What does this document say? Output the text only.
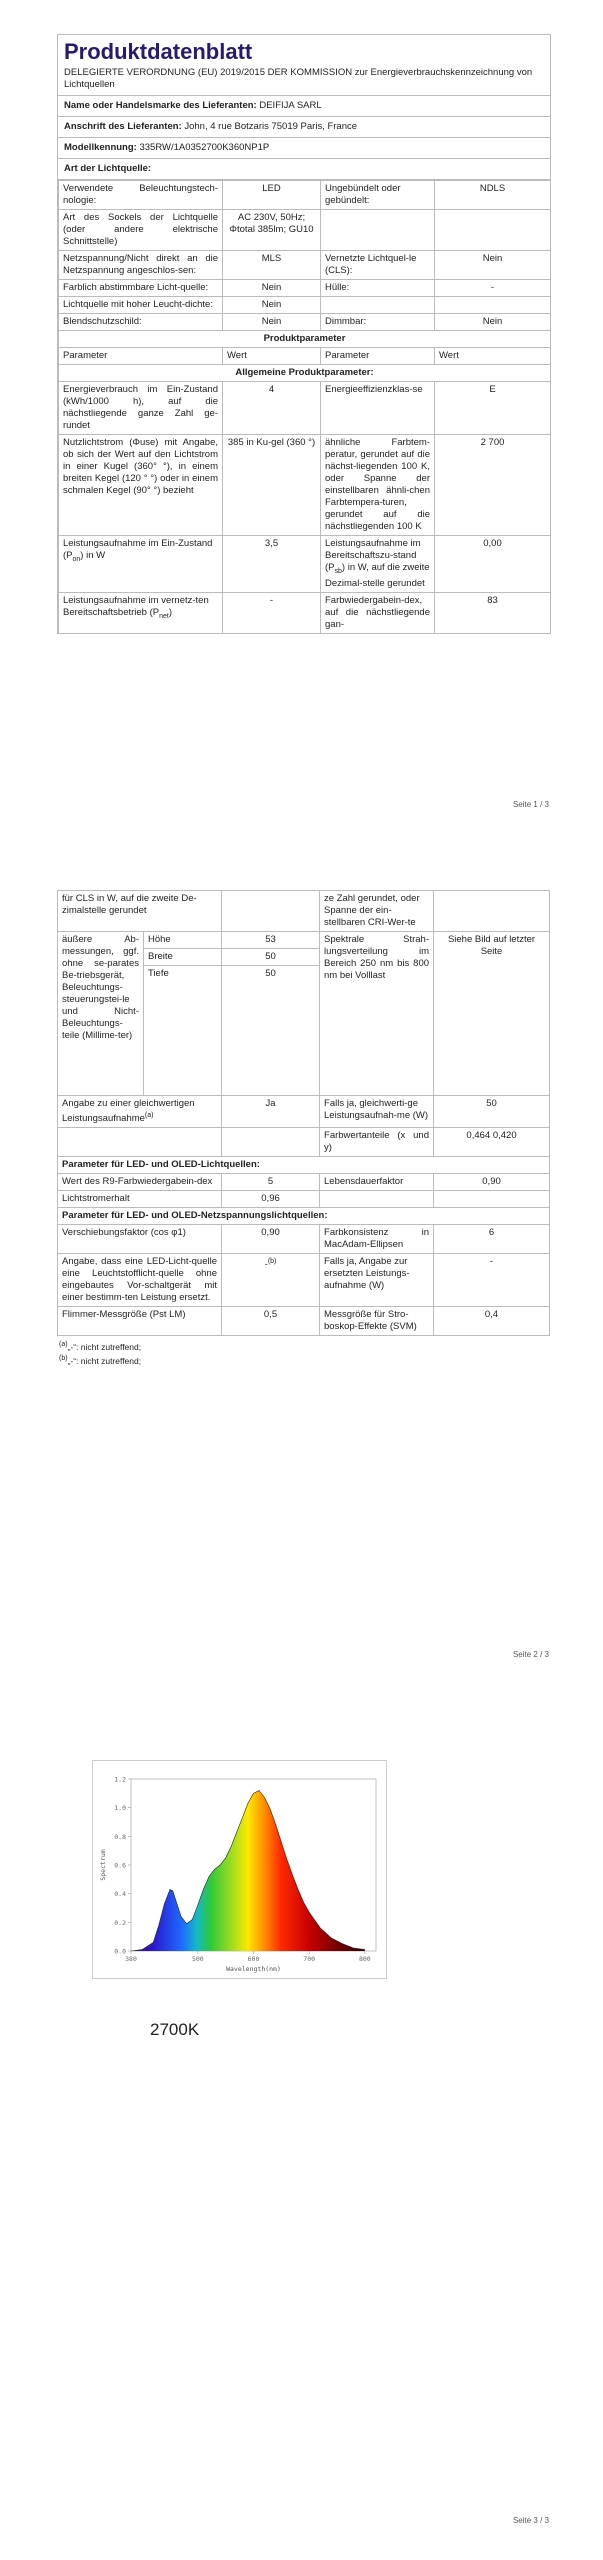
Produktdatenblatt
DELEGIERTE VERORDNUNG (EU) 2019/2015 DER KOMMISSION zur Energieverbrauchskennzeichnung von Lichtquellen
Name oder Handelsmarke des Lieferanten: DEIFIJA SARL
Anschrift des Lieferanten: John, 4 rue Botzaris 75019 Paris, France
Modellkennung: 335RW/1A0352700K360NP1P
Art der Lichtquelle:
Verwendete Beleuchtungstech-nologie:	LED	Ungebündelt oder gebündelt:	NDLS
Art des Sockels der Lichtquelle (oder andere elektrische Schnittstelle)	AC 230V, 50Hz; Φtotal 385lm; GU10		
Netzspannung/Nicht direkt an die Netzspannung angeschlos-sen:	MLS	Vernetzte Lichtquel-le (CLS):	Nein
Farblich abstimmbare Licht-quelle:	Nein	Hülle:	-
Lichtquelle mit hoher Leucht-dichte:	Nein		
Blendschutzschild:	Nein	Dimmbar:	Nein
Produktparameter			
Parameter	Wert	Parameter	Wert
Allgemeine Produktparameter:			
Energieverbrauch im Ein-Zustand (kWh/1000 h), auf die nächstliegende ganze Zahl ge-rundet	4	Energieeffizienzklas-se	E
Nutzlichtstrom (Φuse) mit Angabe, ob sich der Wert auf den Lichtstrom in einer Kugel (360° °), in einem breiten Kegel (120 ° °) oder in einem schmalen Kegel (90° °) bezieht	385 in Ku-gel (360 °)	ähnliche Farbtem-peratur, gerundet auf die nächst-liegenden 100 K, oder Spanne der einstellbaren ähnli-chen Farbtempera-turen, gerundet auf die nächstliegenden 100 K	2 700
Leistungsaufnahme im Ein-Zustand $(P_{on})$ in W	3,5	Leistungsaufnahme im Bereitschaftszu-stand $(P_{sb})$ in W, auf die zweite Dezimal-stelle gerundet	0,00
Leistungsaufnahme im vernetz-ten Bereitschaftsbetrieb $(P_{net})$	-	Farbwiedergabein-dex, auf die nächstliegende gan-	83
Seite 1 / 3
für CLS in W, auf die zweite De-zimalstelle gerundet			ze Zahl gerundet, oder Spanne der ein-stellbaren CRI-Wer-te	
äußere Ab-messungen, ggf. ohne se-parates Be-triebsgerät, Beleuchtungs-steuerungstei-le und Nicht-Beleuchtungs-teile (Millime-ter)	Höhe	53	Spektrale Strah-lungsverteilung im Bereich 250 nm bis 800 nm bei Volllast	Siehe Bild auf letzter Seite
	Breite	50		
	Tiefe	50		
Angabe zu einer gleichwertigen Leistungsaufnahme$^{(a)}$		Ja	Falls ja, gleichwerti-ge Leistungsaufnah-me (W)	50
			Farbwertanteile (x und y)	0,464 0,420
Parameter für LED- und OLED-Lichtquellen:				
Wert des R9-Farbwiedergabein-dex		5	Lebensdauerfaktor	0,90
Lichtstromerhalt		0,96		
Parameter für LED- und OLED-Netzspannungslichtquellen:				
Verschiebungsfaktor (cos φ1)		0,90	Farbkonsistenz in MacAdam-Ellipsen	6
Angabe, dass eine LED-Licht-quelle eine Leuchtstofflicht-quelle ohne eingebautes Vor-schaltgerät mit einer bestimm-ten Leistung ersetzt.		-$^{(b)}$	Falls ja, Angabe zur ersetzten Leistungs-aufnahme (W)	-
Flimmer-Messgröße (Pst LM)		0,5	Messgröße für Stro-boskop-Effekte (SVM)	0,4
$^{(a)}$„-“: nicht zutreffend;
$^{(b)}$„-“: nicht zutreffend;
Seite 2 / 3
0.0
0.2
0.4
0.6
0.8
1.0
1.2
380	500	600	700	800
Wavelength(nm)
Spectrum
2700K
Seite 3 / 3
